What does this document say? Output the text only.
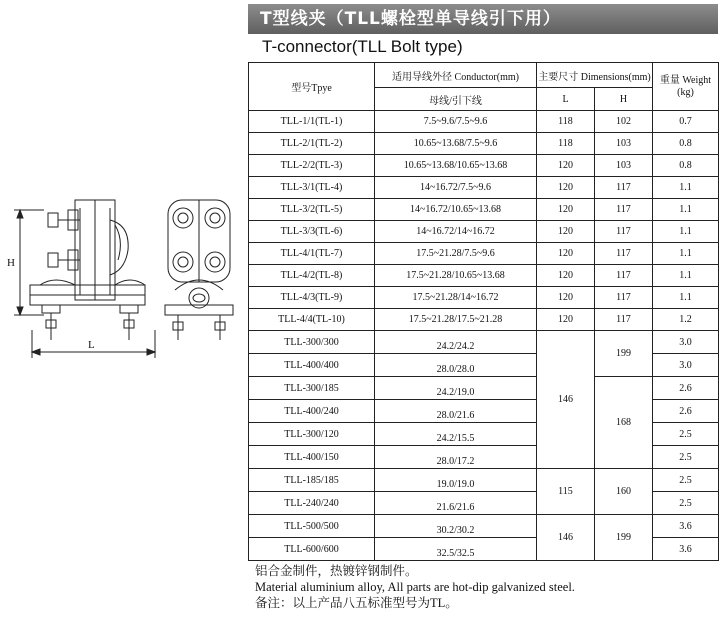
T型线夹（TLL螺栓型单导线引下用）
T-connector(TLL Bolt type)
H
L
型号Tpye	适用导线外径 Conductor(mm)	主要尺寸 Dimensions(mm)		重量 Weight (kg)
	母线/引下线	L	H	
TLL-1/1(TL-1)	7.5~9.6/7.5~9.6	118	102	0.7
TLL-2/1(TL-2)	10.65~13.68/7.5~9.6	118	103	0.8
TLL-2/2(TL-3)	10.65~13.68/10.65~13.68	120	103	0.8
TLL-3/1(TL-4)	14~16.72/7.5~9.6	120	117	1.1
TLL-3/2(TL-5)	14~16.72/10.65~13.68	120	117	1.1
TLL-3/3(TL-6)	14~16.72/14~16.72	120	117	1.1
TLL-4/1(TL-7)	17.5~21.28/7.5~9.6	120	117	1.1
TLL-4/2(TL-8)	17.5~21.28/10.65~13.68	120	117	1.1
TLL-4/3(TL-9)	17.5~21.28/14~16.72	120	117	1.1
TLL-4/4(TL-10)	17.5~21.28/17.5~21.28	120	117	1.2
TLL-300/300	24.2/24.2	146	199	3.0
TLL-400/400	28.0/28.0			3.0
TLL-300/185	24.2/19.0		168	2.6
TLL-400/240	28.0/21.6			2.6
TLL-300/120	24.2/15.5			2.5
TLL-400/150	28.0/17.2			2.5
TLL-185/185	19.0/19.0	115	160	2.5
TLL-240/240	21.6/21.6			2.5
TLL-500/500	30.2/30.2	146	199	3.6
TLL-600/600	32.5/32.5			3.6
铝合金制件，热镀锌钢制件。
Material aluminium alloy, All parts are hot-dip galvanized steel.
备注：以上产品八五标准型号为TL。
